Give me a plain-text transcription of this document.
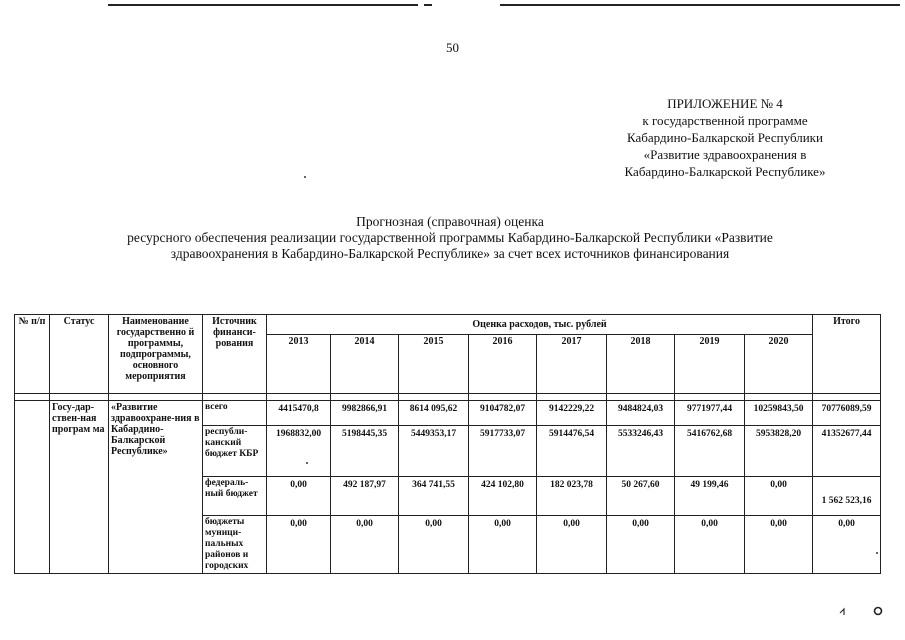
50
ПРИЛОЖЕНИЕ № 4
к государственной программе
Кабардино-Балкарской Республики
«Развитие здравоохранения в
Кабардино-Балкарской Республике»
Прогнозная (справочная) оценка
ресурсного обеспечения реализации государственной программы Кабардино-Балкарской Республики «Развитие
здравоохранения в Кабардино-Балкарской Республике» за счет всех источников финансирования
№ п/п	Статус	Наименование государственно й программы, подпрограммы, основного мероприятия	Источник финанси-рования	Оценка расходов, тыс. рублей								Итого
				2013	2014	2015	2016	2017	2018	2019	2020	

	Госу-дар-ствен-ная програм ма	«Развитие здравоохране-ния в Кабардино-Балкарской Республике»	всего	4415470,8	9982866,91	8614 095,62	9104782,07	9142229,22	9484824,03	9771977,44	10259843,50	70776089,59
			республи-канский бюджет КБР	1968832,00	5198445,35	5449353,17	5917733,07	5914476,54	5533246,43	5416762,68	5953828,20	41352677,44
			федераль-ный бюджет	0,00	492 187,97	364 741,55	424 102,80	182 023,78	50 267,60	49 199,46	0,00	1 562 523,16
			бюджеты муници-пальных районов и городских	0,00	0,00	0,00	0,00	0,00	0,00	0,00	0,00	0,00
